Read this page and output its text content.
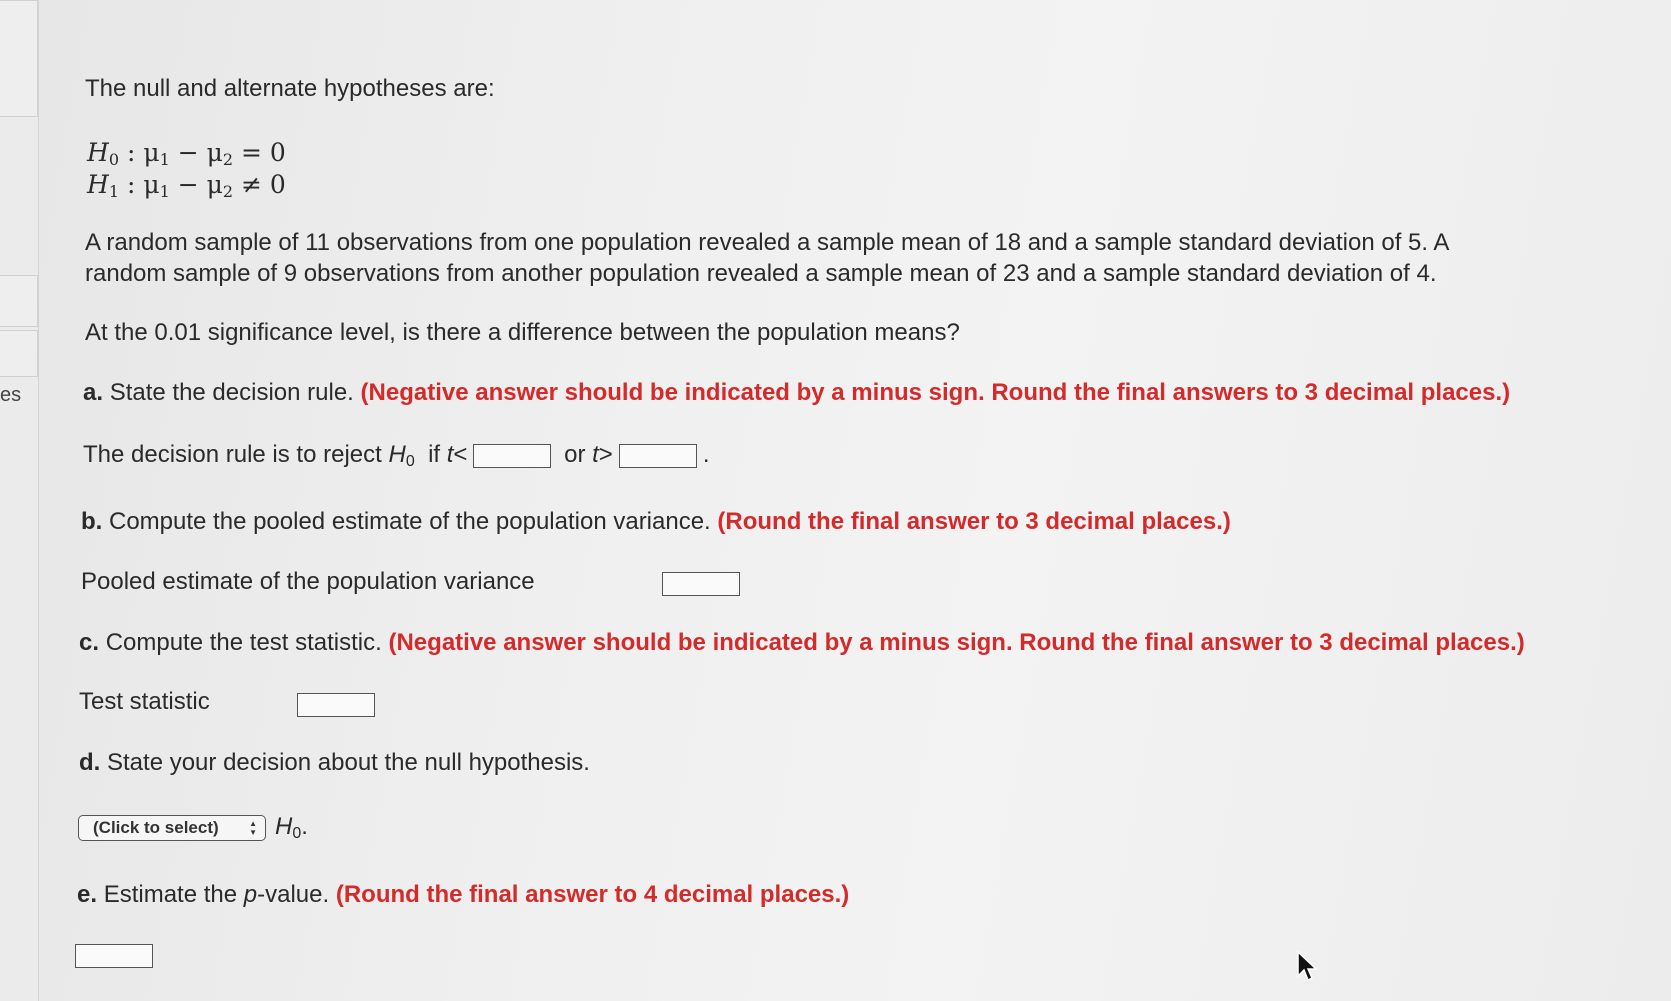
es
The null and alternate hypotheses are:
$H_0$ : $\mu_1 - \mu_2 = 0$
$H_1$ : $\mu_1 - \mu_2 \ne 0$
A random sample of 11 observations from one population revealed a sample mean of 18 and a sample standard deviation of 5. A
random sample of 9 observations from another population revealed a sample mean of 23 and a sample standard deviation of 4.
At the 0.01 significance level, is there a difference between the population means?
a. State the decision rule. (Negative answer should be indicated by a minus sign. Round the final answers to 3 decimal places.)
The decision rule is to reject $H_0$  if t<	or t>	.
b. Compute the pooled estimate of the population variance. (Round the final answer to 3 decimal places.)
Pooled estimate of the population variance
c. Compute the test statistic. (Negative answer should be indicated by a minus sign. Round the final answer to 3 decimal places.)
Test statistic
d. State your decision about the null hypothesis.
(Click to select)	▲
▼ $H_0$.
e. Estimate the p-value. (Round the final answer to 4 decimal places.)
